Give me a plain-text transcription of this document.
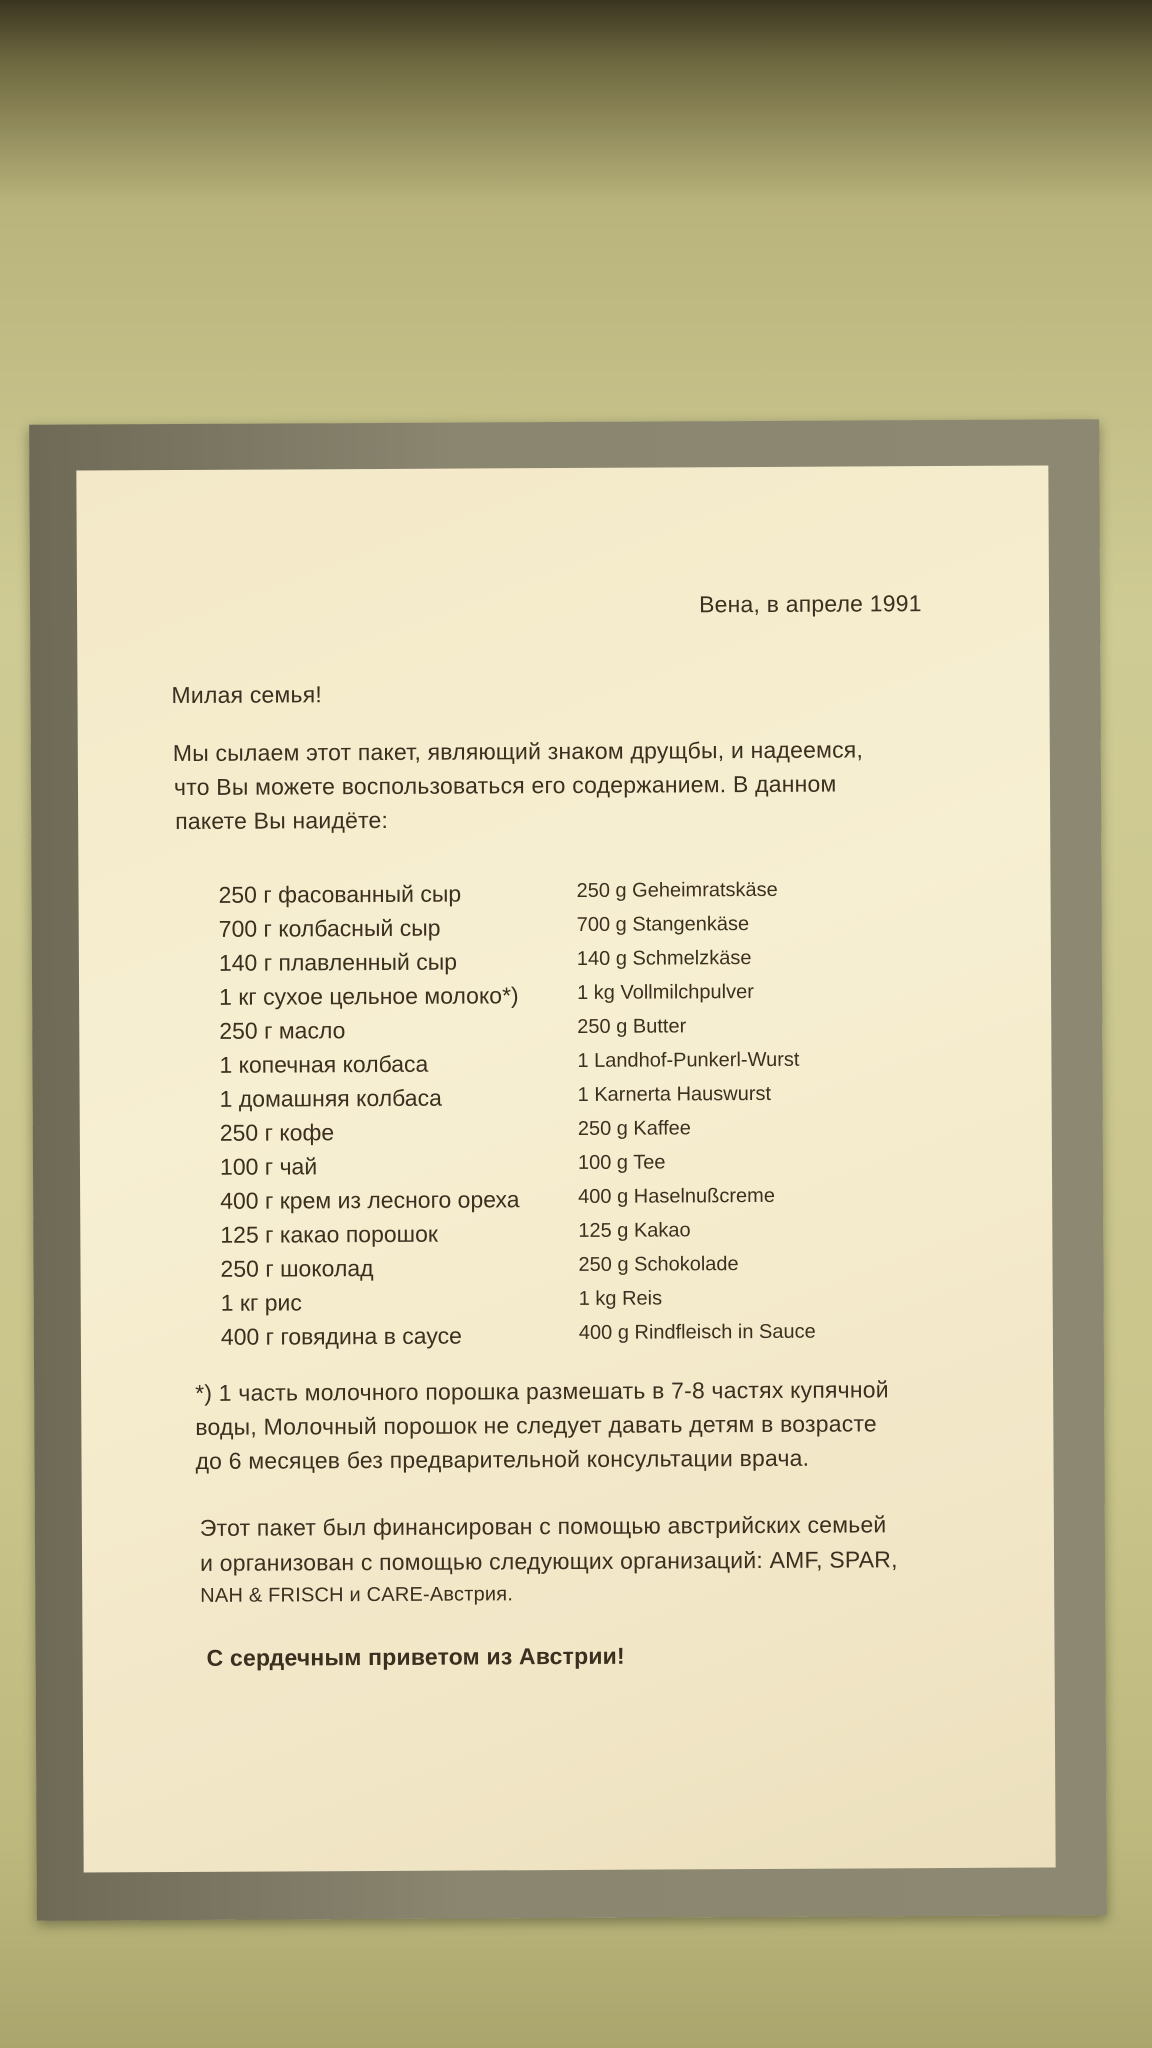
Вена, в апреле 1991
Милая семья!
Мы сылаем этот пакет, являющий знаком друщбы, и надеемся,
что Вы можете воспользоваться его содержанием. В данном
пакете Вы наидёте:
250 г фасованный сыр	250 g Geheimratskäse
700 г колбасный сыр	700 g Stangenkäse
140 г плавленный сыр	140 g Schmelzkäse
1 кг сухое цельное молоко*)	1 kg Vollmilchpulver
250 г масло	250 g Butter
1 копечная колбаса	1 Landhof-Punkerl-Wurst
1 домашняя колбаса	1 Karnerta Hauswurst
250 г кофе	250 g Kaffee
100 г чай	100 g Tee
400 г крем из лесного ореха	400 g Haselnußcreme
125 г какао порошок	125 g Kakao
250 г шоколад	250 g Schokolade
1 кг рис	1 kg Reis
400 г говядина в саусе	400 g Rindfleisch in Sauce
*) 1 часть молочного порошка размешать в 7-8 частях купячной
воды, Молочный порошок не следует давать детям в возрасте
до 6 месяцев без предварительной консультации врача.
Этот пакет был финансирован с помощью австрийских семьей
и организован с помощью следующих организаций: AMF, SPAR,
NAH & FRISCH и CARE-Австрия.
С сердечным приветом из Австрии!
